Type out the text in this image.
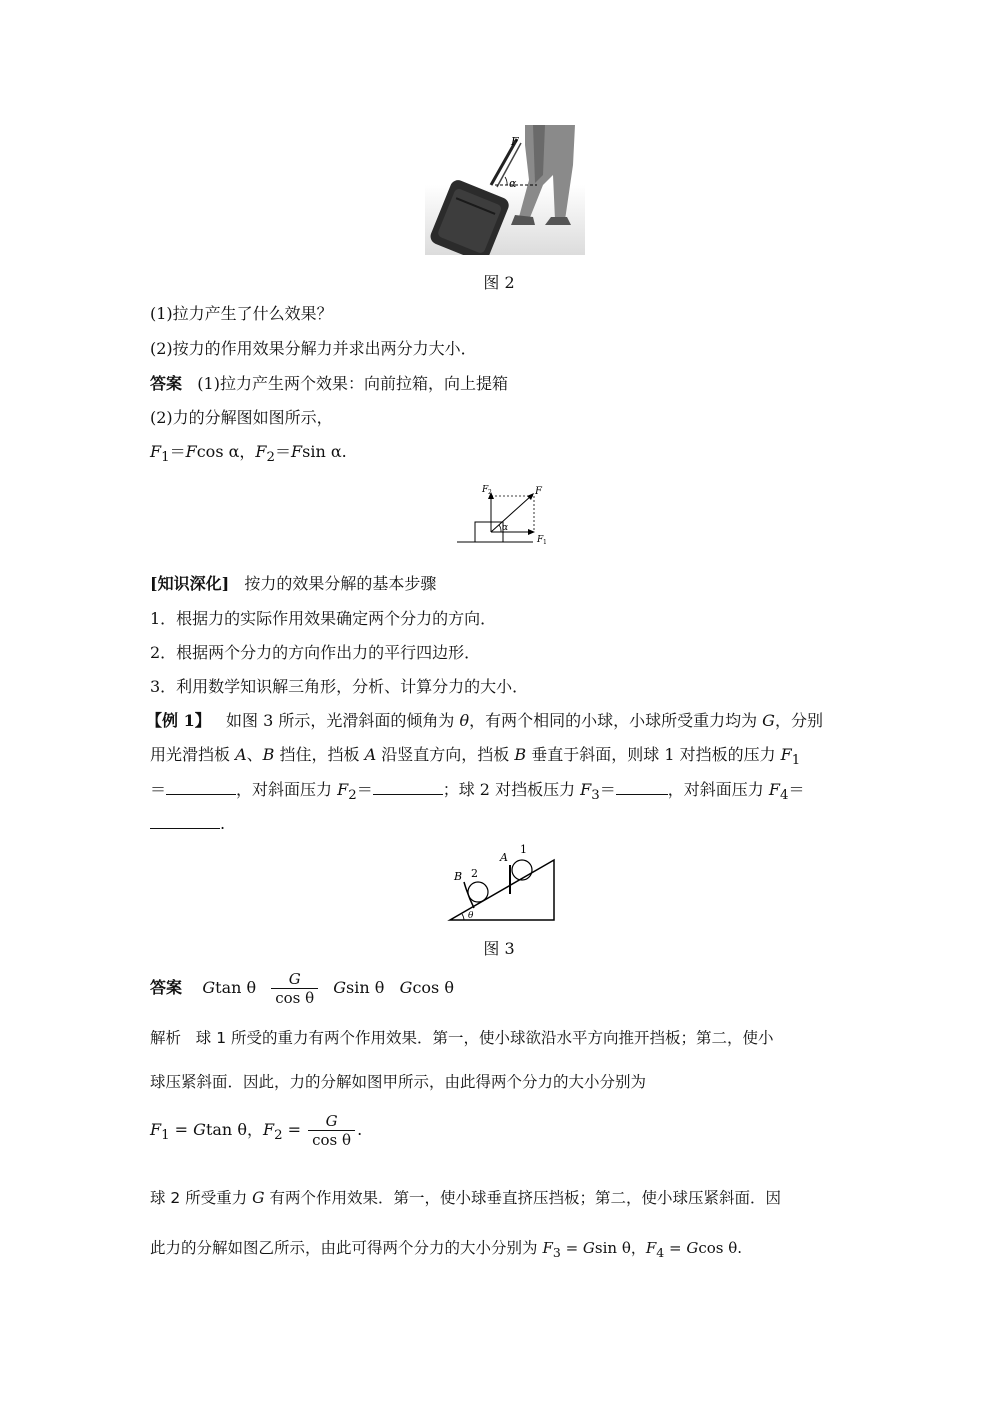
F
α
图 2
(1)拉力产生了什么效果？
(2)按力的作用效果分解力并求出两分力大小．
答案 (1)拉力产生两个效果：向前拉箱，向上提箱
(2)力的分解图如图所示，
$F_1=Fcos$ α，$F_2=Fsin$ α.
F 2	F
α
F 1
[知识深化] 按力的效果分解的基本步骤
1．根据力的实际作用效果确定两个分力的方向．
2．根据两个分力的方向作出力的平行四边形．
3．利用数学知识解三角形，分析、计算分力的大小．
【例 1】 如图 3 所示，光滑斜面的倾角为 θ，有两个相同的小球，小球所受重力均为 G，分别
用光滑挡板 A、B 挡住，挡板 A 沿竖直方向，挡板 B 垂直于斜面，则球 1 对挡板的压力 $F_1$
＝	，对斜面压力 $F_2=$	；球 2 对挡板压力 $F_3=$	，对斜面压力 $F_4=$
.
1
2
A
B
θ
图 3
答案 Gtan θ $\frac{G}{\text{cos θ}}$ Gsin θ Gcos θ
解析 球 1 所受的重力有两个作用效果．第一，使小球欲沿水平方向推开挡板；第二，使小
球压紧斜面．因此，力的分解如图甲所示，由此得两个分力的大小分别为
$F_1 = Gtan$ θ，$F_2 = \frac{G}{\text{cos θ}}$ .
球 2 所受重力 G 有两个作用效果．第一，使小球垂直挤压挡板；第二，使小球压紧斜面．因
此力的分解如图乙所示，由此可得两个分力的大小分别为 $F_3 = Gsin$ θ，$F_4 = Gcos$ θ.
